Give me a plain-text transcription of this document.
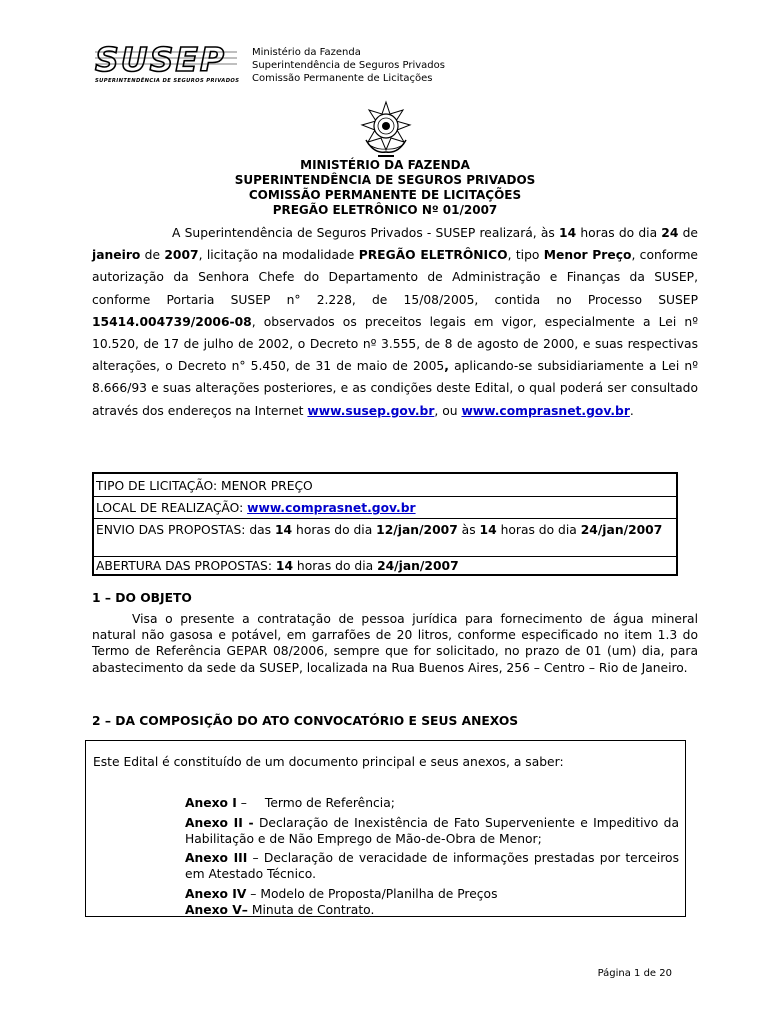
SUSEP
SUPERINTENDÊNCIA DE SEGUROS PRIVADOS
Ministério da Fazenda
Superintendência de Seguros Privados
Comissão Permanente de Licitações
MINISTÉRIO DA FAZENDA
SUPERINTENDÊNCIA DE SEGUROS PRIVADOS
COMISSÃO PERMANENTE DE LICITAÇÕES
PREGÃO ELETRÔNICO Nº 01/2007
A Superintendência de Seguros Privados - SUSEP realizará, às 14 horas do dia 24 de janeiro de 2007, licitação na modalidade PREGÃO ELETRÔNICO, tipo Menor Preço, conforme autorização da Senhora Chefe do Departamento de Administração e Finanças da SUSEP, conforme Portaria SUSEP n° 2.228, de 15/08/2005, contida no Processo SUSEP 15414.004739/2006-08, observados os preceitos legais em vigor, especialmente a Lei nº 10.520, de 17 de julho de 2002, o Decreto nº 3.555, de 8 de agosto de 2000, e suas respectivas alterações, o Decreto n° 5.450, de 31 de maio de 2005, aplicando-se subsidiariamente a Lei nº 8.666/93 e suas alterações posteriores, e as condições deste Edital, o qual poderá ser consultado através dos endereços na Internet www.susep.gov.br, ou www.comprasnet.gov.br.
TIPO DE LICITAÇÃO: MENOR PREÇO
LOCAL DE REALIZAÇÃO: www.comprasnet.gov.br
ENVIO DAS PROPOSTAS: das 14 horas do dia 12/jan/2007 às 14 horas do dia 24/jan/2007
ABERTURA DAS PROPOSTAS: 14 horas do dia 24/jan/2007
1 – DO OBJETO
Visa o presente a contratação de pessoa jurídica para fornecimento de água mineral natural não gasosa e potável, em garrafões de 20 litros, conforme especificado no item 1.3 do Termo de Referência GEPAR 08/2006, sempre que for solicitado, no prazo de 01 (um) dia, para abastecimento da sede da SUSEP, localizada na Rua Buenos Aires, 256 – Centro – Rio de Janeiro.
2 – DA COMPOSIÇÃO DO ATO CONVOCATÓRIO E SEUS ANEXOS
Este Edital é constituído de um documento principal e seus anexos, a saber:
Anexo I – Termo de Referência;
Anexo II - Declaração de Inexistência de Fato Superveniente e Impeditivo da Habilitação e de Não Emprego de Mão-de-Obra de Menor;
Anexo III – Declaração de veracidade de informações prestadas por terceiros em Atestado Técnico.
Anexo IV – Modelo de Proposta/Planilha de Preços
Anexo V– Minuta de Contrato.
Página 1 de 20
